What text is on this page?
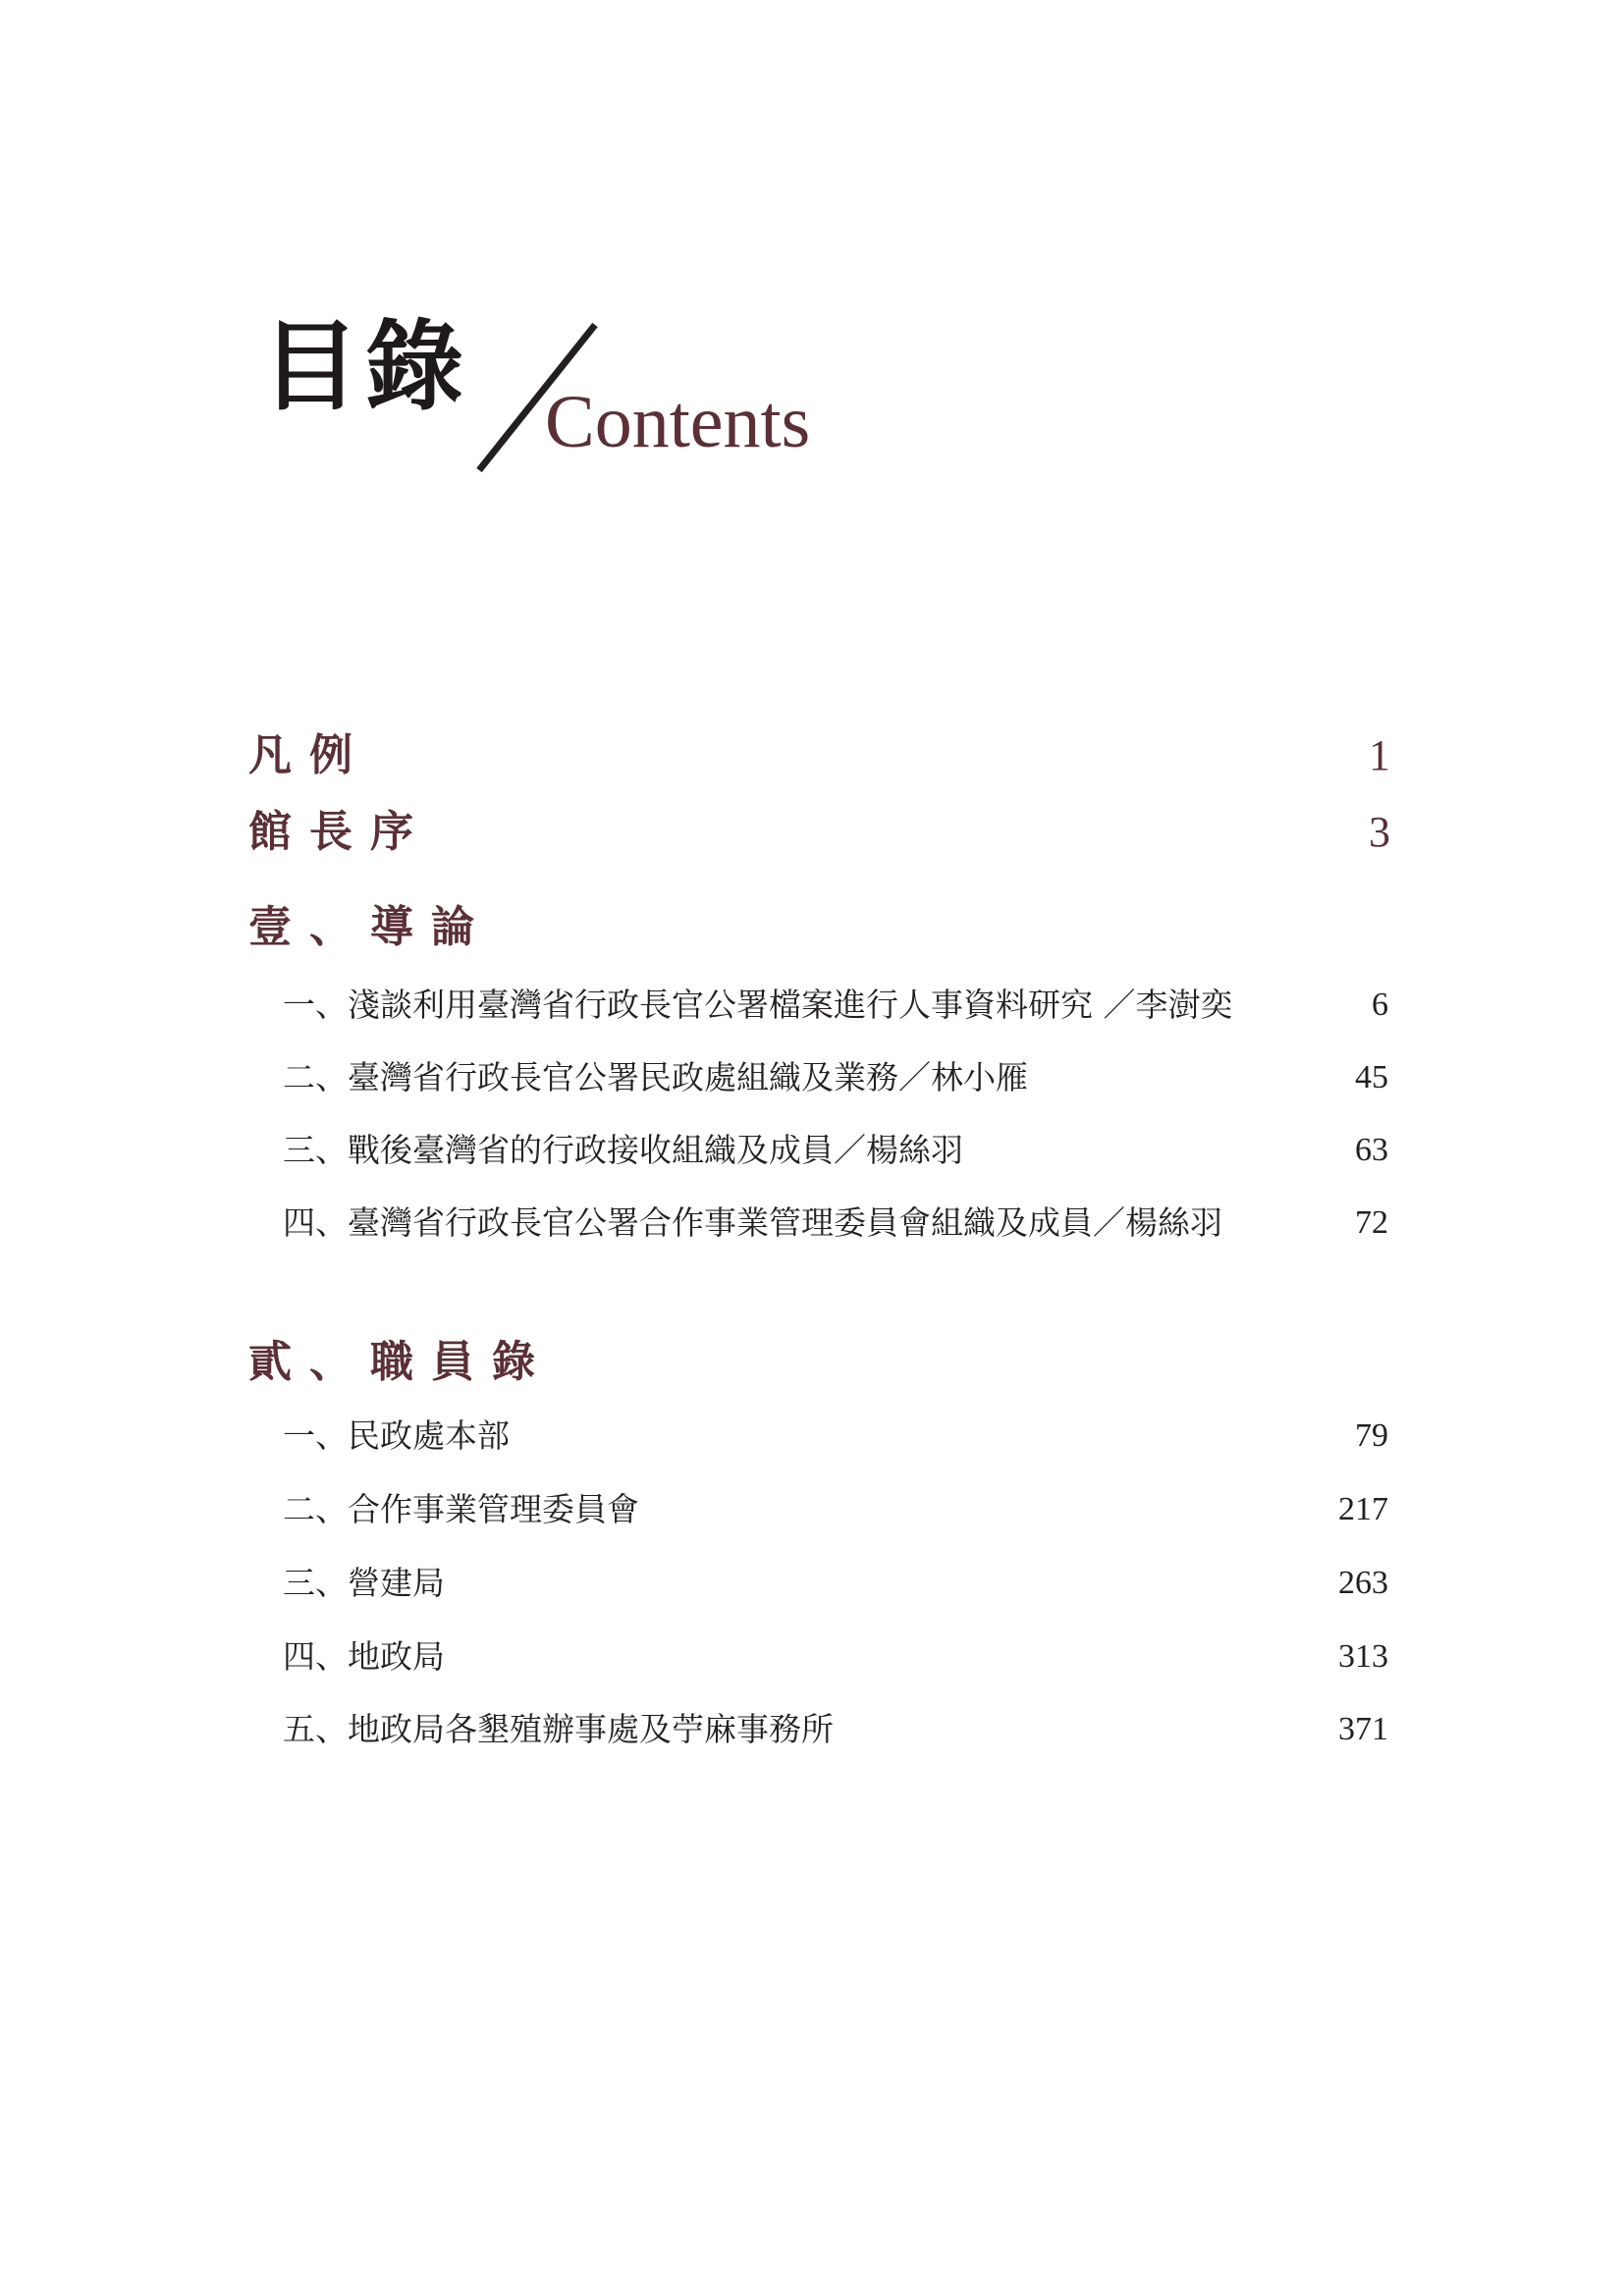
目錄 Contents
凡例	1
館長序	3
壹、導論
一、淺談利用臺灣省行政長官公署檔案進行人事資料研究 ／李澍奕	6
二、臺灣省行政長官公署民政處組織及業務／林小雁	45
三、戰後臺灣省的行政接收組織及成員／楊絲羽	63
四、臺灣省行政長官公署合作事業管理委員會組織及成員／楊絲羽	72
貳、職員錄
一、民政處本部	79
二、合作事業管理委員會	217
三、營建局	263
四、地政局	313
五、地政局各墾殖辦事處及苧麻事務所	371
